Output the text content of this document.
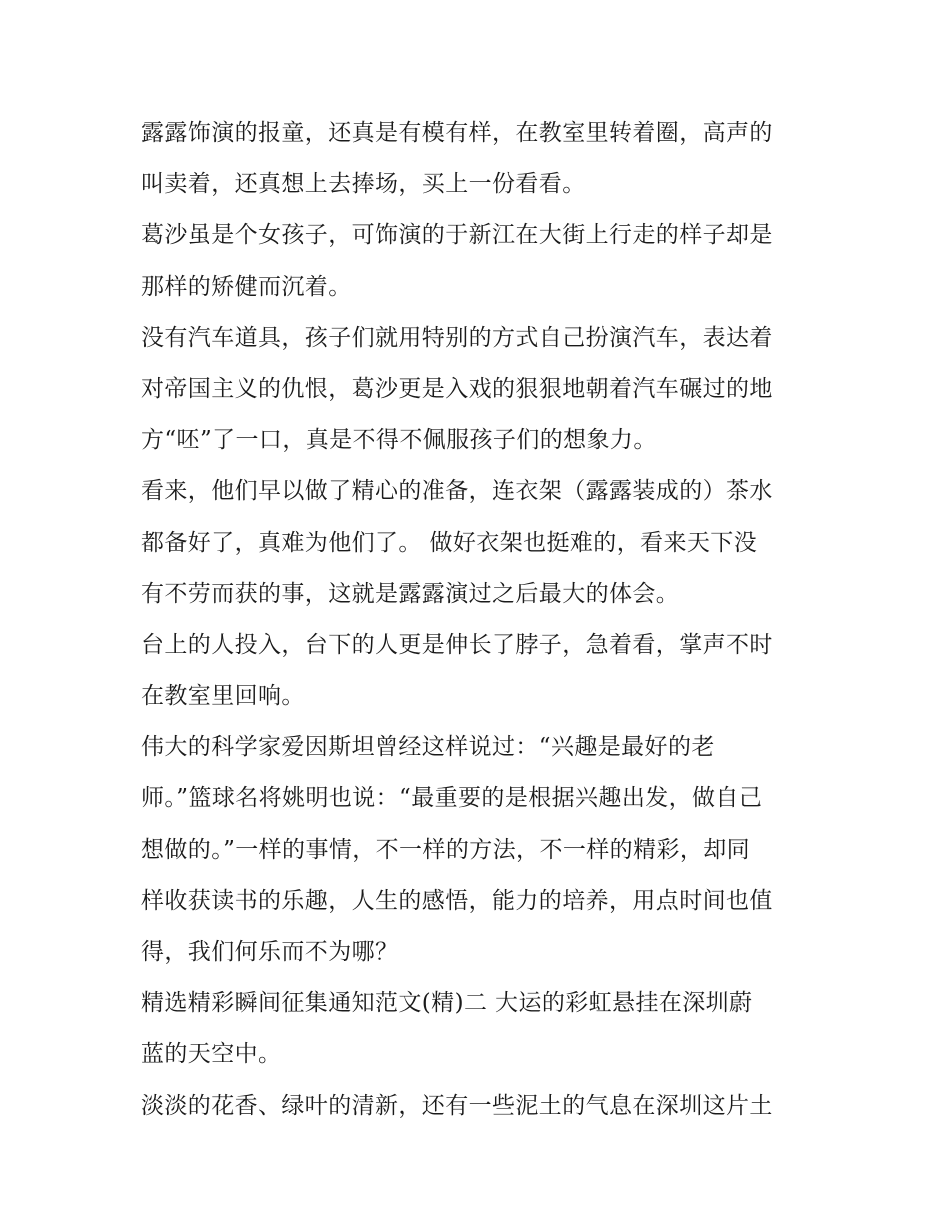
露露饰演的报童，还真是有模有样，在教室里转着圈，高声的
叫卖着，还真想上去捧场，买上一份看看。
葛沙虽是个女孩子，可饰演的于新江在大街上行走的样子却是
那样的矫健而沉着。
没有汽车道具，孩子们就用特别的方式自己扮演汽车，表达着
对帝国主义的仇恨，葛沙更是入戏的狠狠地朝着汽车碾过的地
方“呸”了一口，真是不得不佩服孩子们的想象力。
看来，他们早以做了精心的准备，连衣架（露露装成的）茶水
都备好了，真难为他们了。 做好衣架也挺难的，看来天下没
有不劳而获的事，这就是露露演过之后最大的体会。
台上的人投入，台下的人更是伸长了脖子，急着看，掌声不时
在教室里回响。
伟大的科学家爱因斯坦曾经这样说过：“兴趣是最好的老
师。”篮球名将姚明也说：“最重要的是根据兴趣出发，做自己
想做的。”一样的事情，不一样的方法，不一样的精彩，却同
样收获读书的乐趣，人生的感悟，能力的培养，用点时间也值
得，我们何乐而不为哪？
精选精彩瞬间征集通知范文(精)二 大运的彩虹悬挂在深圳蔚
蓝的天空中。
淡淡的花香、绿叶的清新，还有一些泥土的气息在深圳这片土
